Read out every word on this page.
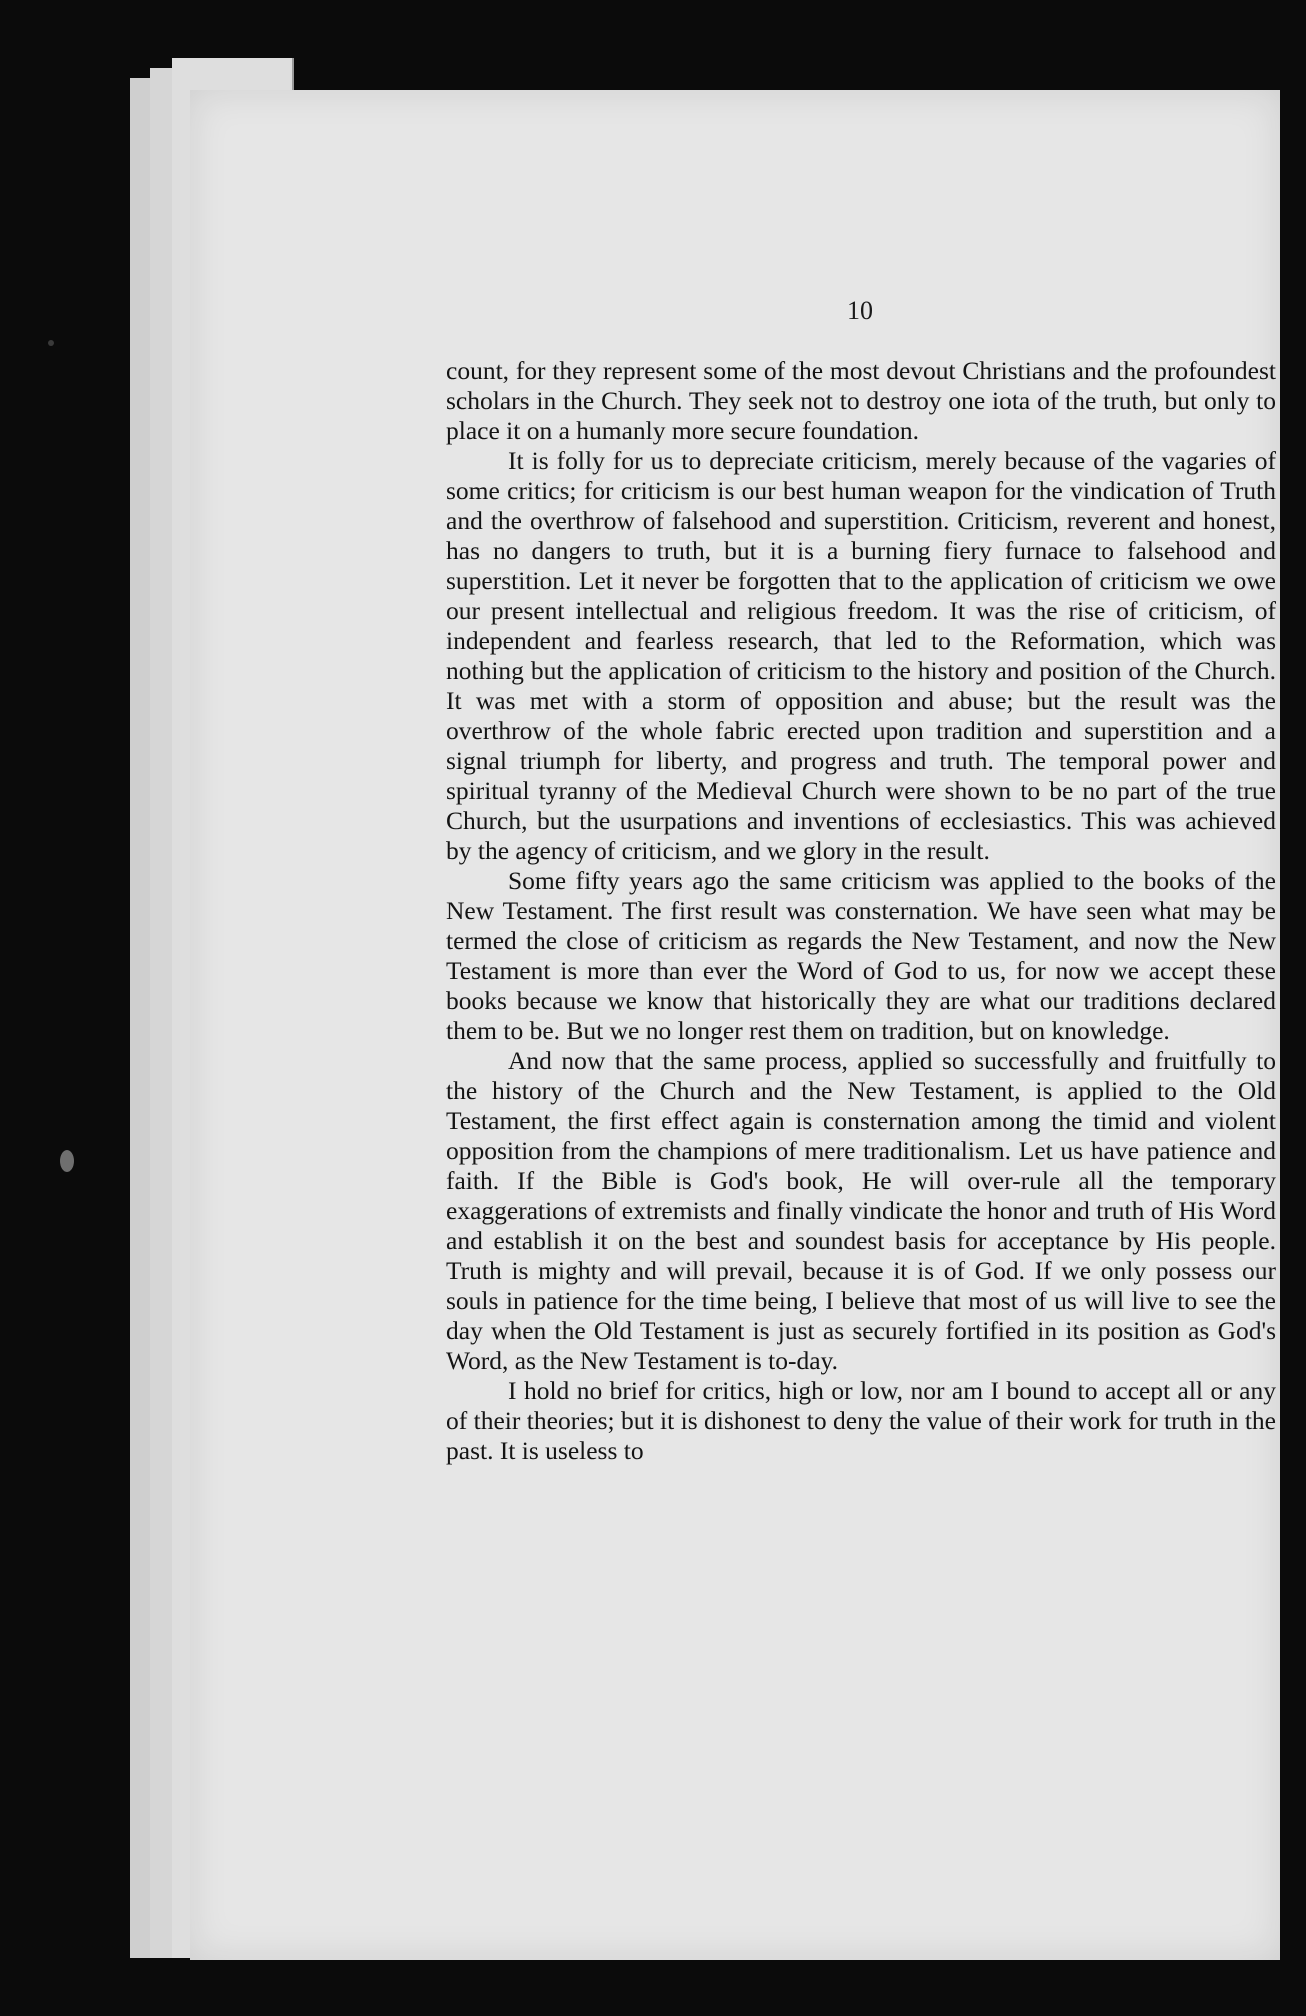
10

count, for they represent some of the most devout Christians and the profoundest scholars in the Church. They seek not to destroy one iota of the truth, but only to place it on a humanly more secure foundation.

It is folly for us to depreciate criticism, merely because of the vagaries of some critics; for criticism is our best human weapon for the vindication of Truth and the overthrow of falsehood and superstition. Criticism, reverent and honest, has no dangers to truth, but it is a burning fiery furnace to falsehood and superstition. Let it never be forgotten that to the application of criticism we owe our present intellectual and religious freedom. It was the rise of criticism, of independent and fearless research, that led to the Reformation, which was nothing but the application of criticism to the history and position of the Church. It was met with a storm of opposition and abuse; but the result was the overthrow of the whole fabric erected upon tradition and superstition and a signal triumph for liberty, and progress and truth. The temporal power and spiritual tyranny of the Medieval Church were shown to be no part of the true Church, but the usurpations and inventions of ecclesiastics. This was achieved by the agency of criticism, and we glory in the result.

Some fifty years ago the same criticism was applied to the books of the New Testament. The first result was consternation. We have seen what may be termed the close of criticism as regards the New Testament, and now the New Testament is more than ever the Word of God to us, for now we accept these books because we know that historically they are what our traditions declared them to be. But we no longer rest them on tradition, but on knowledge.

And now that the same process, applied so successfully and fruitfully to the history of the Church and the New Testament, is applied to the Old Testament, the first effect again is consternation among the timid and violent opposition from the champions of mere traditionalism. Let us have patience and faith. If the Bible is God's book, He will over-rule all the temporary exaggerations of extremists and finally vindicate the honor and truth of His Word and establish it on the best and soundest basis for acceptance by His people. Truth is mighty and will prevail, because it is of God. If we only possess our souls in patience for the time being, I believe that most of us will live to see the day when the Old Testament is just as securely fortified in its position as God's Word, as the New Testament is to-day.

I hold no brief for critics, high or low, nor am I bound to accept all or any of their theories; but it is dishonest to deny the value of their work for truth in the past. It is useless to
